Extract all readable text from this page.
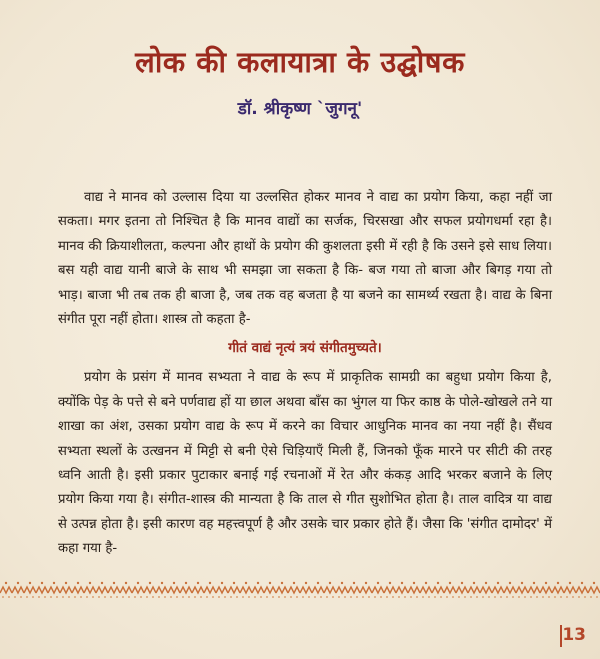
लोक की कलायात्रा के उद्घोषक
डॉ. श्रीकृष्ण `जुगनू'

वाद्य ने मानव को उल्लास दिया या उल्लसित होकर मानव ने वाद्य का प्रयोग किया, कहा नहीं जा सकता। मगर इतना तो निश्चित है कि मानव वाद्यों का सर्जक, चिरसखा और सफल प्रयोगधर्मा रहा है। मानव की क्रियाशीलता, कल्पना और हाथों के प्रयोग की कुशलता इसी में रही है कि उसने इसे साध लिया। बस यही वाद्य यानी बाजे के साथ भी समझा जा सकता है कि- बज गया तो बाजा और बिगड़ गया तो भाड़। बाजा भी तब तक ही बाजा है, जब तक वह बजता है या बजने का सामर्थ्य रखता है। वाद्य के बिना संगीत पूरा नहीं होता। शास्त्र तो कहता है-

गीतं वाद्यं नृत्यं त्रयं संगीतमुच्यते।

प्रयोग के प्रसंग में मानव सभ्यता ने वाद्य के रूप में प्राकृतिक सामग्री का बहुधा प्रयोग किया है, क्योंकि पेड़ के पत्ते से बने पर्णवाद्य हों या छाल अथवा बाँस का भुंगल या फिर काष्ठ के पोले-खोखले तने या शाखा का अंश, उसका प्रयोग वाद्य के रूप में करने का विचार आधुनिक मानव का नया नहीं है। सैंधव सभ्यता स्थलों के उत्खनन में मिट्टी से बनी ऐसे चिड़ियाएँ मिली हैं, जिनको फूँक मारने पर सीटी की तरह ध्वनि आती है। इसी प्रकार पुटाकार बनाई गई रचनाओं में रेत और कंकड़ आदि भरकर बजाने के लिए प्रयोग किया गया है। संगीत-शास्त्र की मान्यता है कि ताल से गीत सुशोभित होता है। ताल वादित्र या वाद्य से उत्पन्न होता है। इसी कारण वह महत्त्वपूर्ण है और उसके चार प्रकार होते हैं। जैसा कि 'संगीत दामोदर' में कहा गया है-

13
